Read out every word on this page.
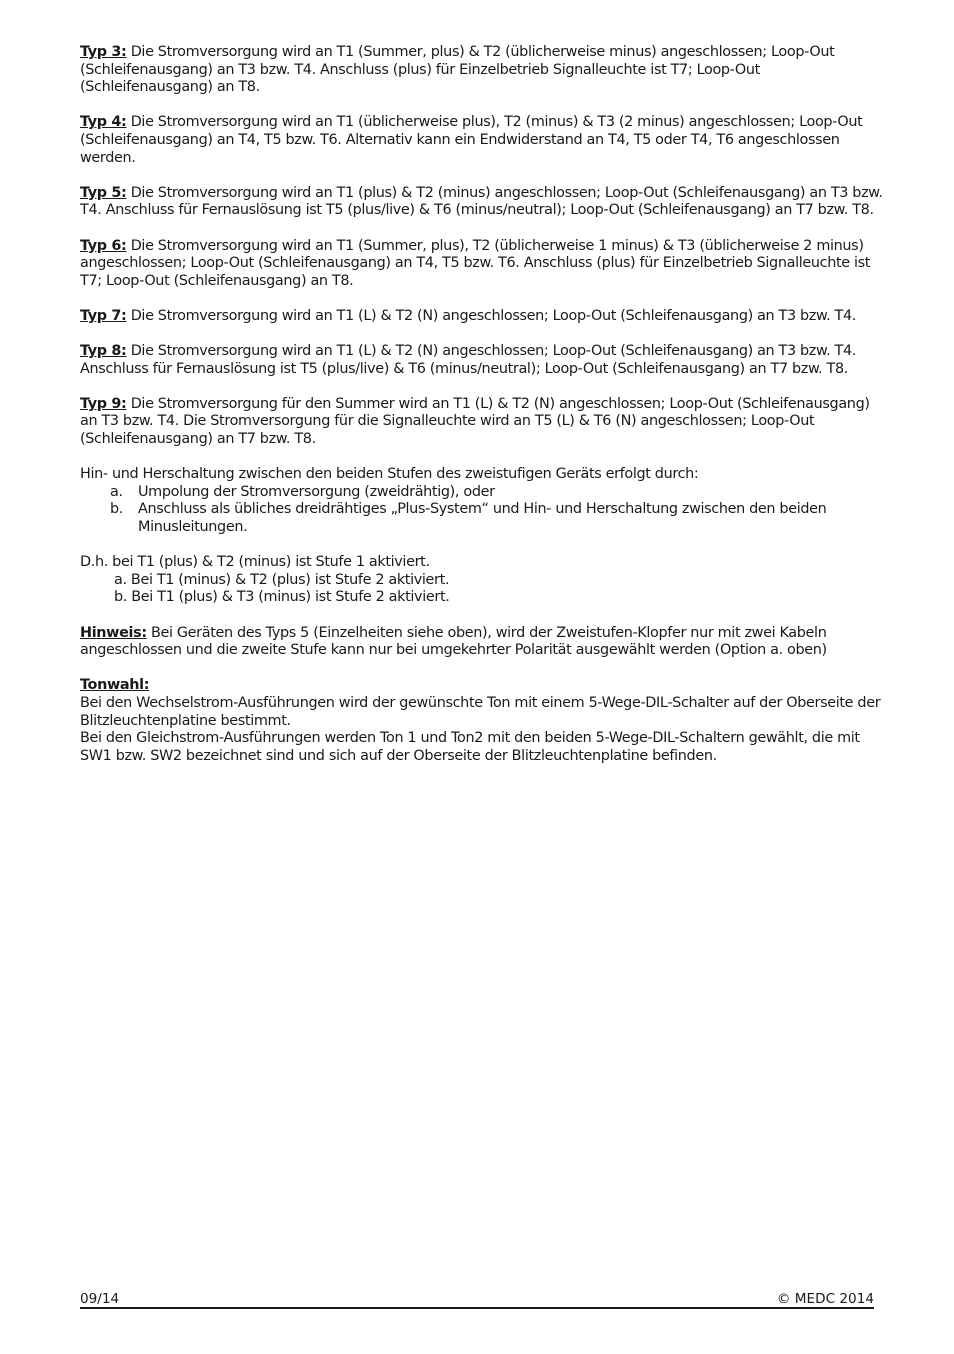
Typ 3: Die Stromversorgung wird an T1 (Summer, plus) & T2 (üblicherweise minus) angeschlossen; Loop-Out (Schleifenausgang) an T3 bzw. T4. Anschluss (plus) für Einzelbetrieb Signalleuchte ist T7; Loop-Out (Schleifenausgang) an T8.

Typ 4: Die Stromversorgung wird an T1 (üblicherweise plus), T2 (minus) & T3 (2 minus) angeschlossen; Loop-Out (Schleifenausgang) an T4, T5 bzw. T6. Alternativ kann ein Endwiderstand an T4, T5 oder T4, T6 angeschlossen werden.

Typ 5: Die Stromversorgung wird an T1 (plus) & T2 (minus) angeschlossen; Loop-Out (Schleifenausgang) an T3 bzw. T4. Anschluss für Fernauslösung ist T5 (plus/live) & T6 (minus/neutral); Loop-Out (Schleifenausgang) an T7 bzw. T8.

Typ 6: Die Stromversorgung wird an T1 (Summer, plus), T2 (üblicherweise 1 minus) & T3 (üblicherweise 2 minus) angeschlossen; Loop-Out (Schleifenausgang) an T4, T5 bzw. T6. Anschluss (plus) für Einzelbetrieb Signalleuchte ist T7; Loop-Out (Schleifenausgang) an T8.

Typ 7: Die Stromversorgung wird an T1 (L) & T2 (N) angeschlossen; Loop-Out (Schleifenausgang) an T3 bzw. T4.

Typ 8: Die Stromversorgung wird an T1 (L) & T2 (N) angeschlossen; Loop-Out (Schleifenausgang) an T3 bzw. T4. Anschluss für Fernauslösung ist T5 (plus/live) & T6 (minus/neutral); Loop-Out (Schleifenausgang) an T7 bzw. T8.

Typ 9: Die Stromversorgung für den Summer wird an T1 (L) & T2 (N) angeschlossen; Loop-Out (Schleifenausgang) an T3 bzw. T4. Die Stromversorgung für die Signalleuchte wird an T5 (L) & T6 (N) angeschlossen; Loop-Out (Schleifenausgang) an T7 bzw. T8.

Hin- und Herschaltung zwischen den beiden Stufen des zweistufigen Geräts erfolgt durch:

a. Umpolung der Stromversorgung (zweidrähtig), oder
b. Anschluss als übliches dreidrähtiges „Plus-System“ und Hin- und Herschaltung zwischen den beiden Minusleitungen.

D.h. bei T1 (plus) & T2 (minus) ist Stufe 1 aktiviert.

a. Bei T1 (minus) & T2 (plus) ist Stufe 2 aktiviert.
b. Bei T1 (plus) & T3 (minus) ist Stufe 2 aktiviert.

Hinweis: Bei Geräten des Typs 5 (Einzelheiten siehe oben), wird der Zweistufen-Klopfer nur mit zwei Kabeln angeschlossen und die zweite Stufe kann nur bei umgekehrter Polarität ausgewählt werden (Option a. oben)

Tonwahl:

Bei den Wechselstrom-Ausführungen wird der gewünschte Ton mit einem 5-Wege-DIL-Schalter auf der Oberseite der Blitzleuchtenplatine bestimmt.

Bei den Gleichstrom-Ausführungen werden Ton 1 und Ton2 mit den beiden 5-Wege-DIL-Schaltern gewählt, die mit SW1 bzw. SW2 bezeichnet sind und sich auf der Oberseite der Blitzleuchtenplatine befinden.

09/14	© MEDC 2014
